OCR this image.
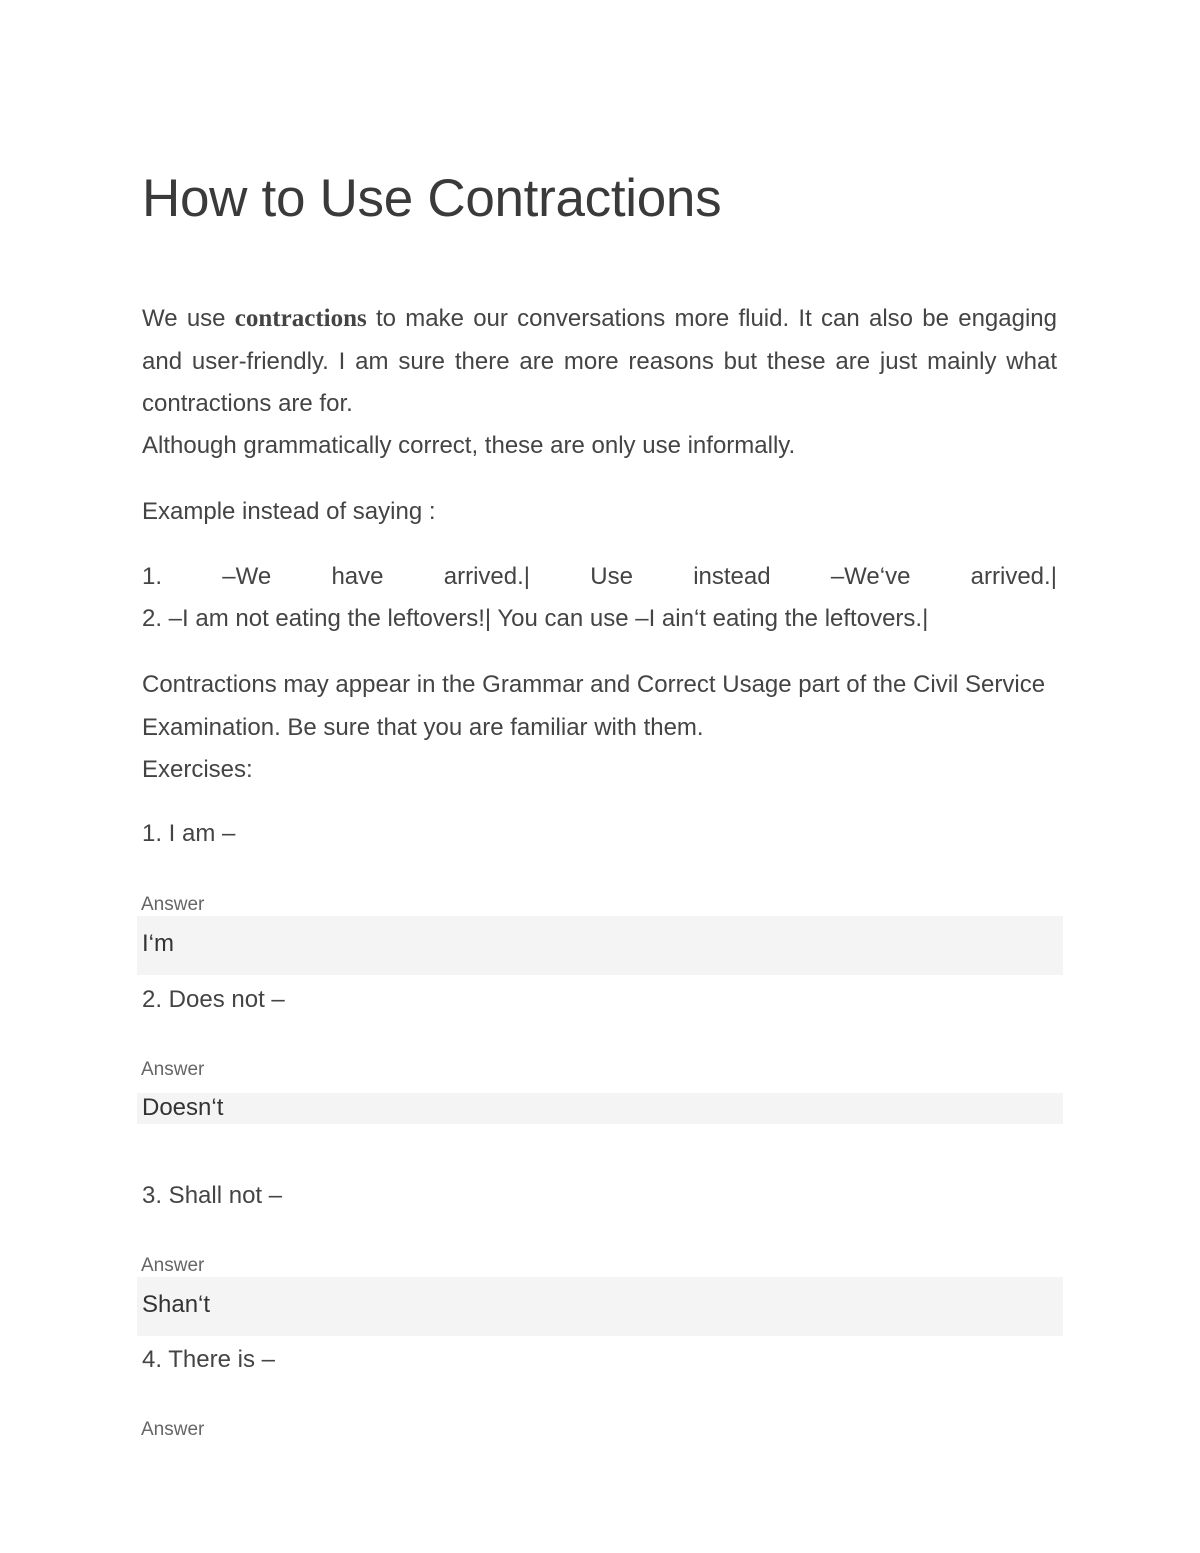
How to Use Contractions

We use contractions to make our conversations more fluid. It can also be engaging and user-friendly. I am sure there are more reasons but these are just mainly what contractions are for.

Although grammatically correct, these are only use informally.

Example instead of saying :

1.	–We	have	arrived.|	Use	instead	–We‘ve	arrived.|

2. –I am not eating the leftovers!| You can use –I ain‘t eating the leftovers.|

Contractions may appear in the Grammar and Correct Usage part of the Civil Service Examination. Be sure that you are familiar with them.

Exercises:

1. I am –
Answer
I‘m
2. Does not –
Answer
Doesn‘t
3. Shall not –
Answer
Shan‘t
4. There is –
Answer
